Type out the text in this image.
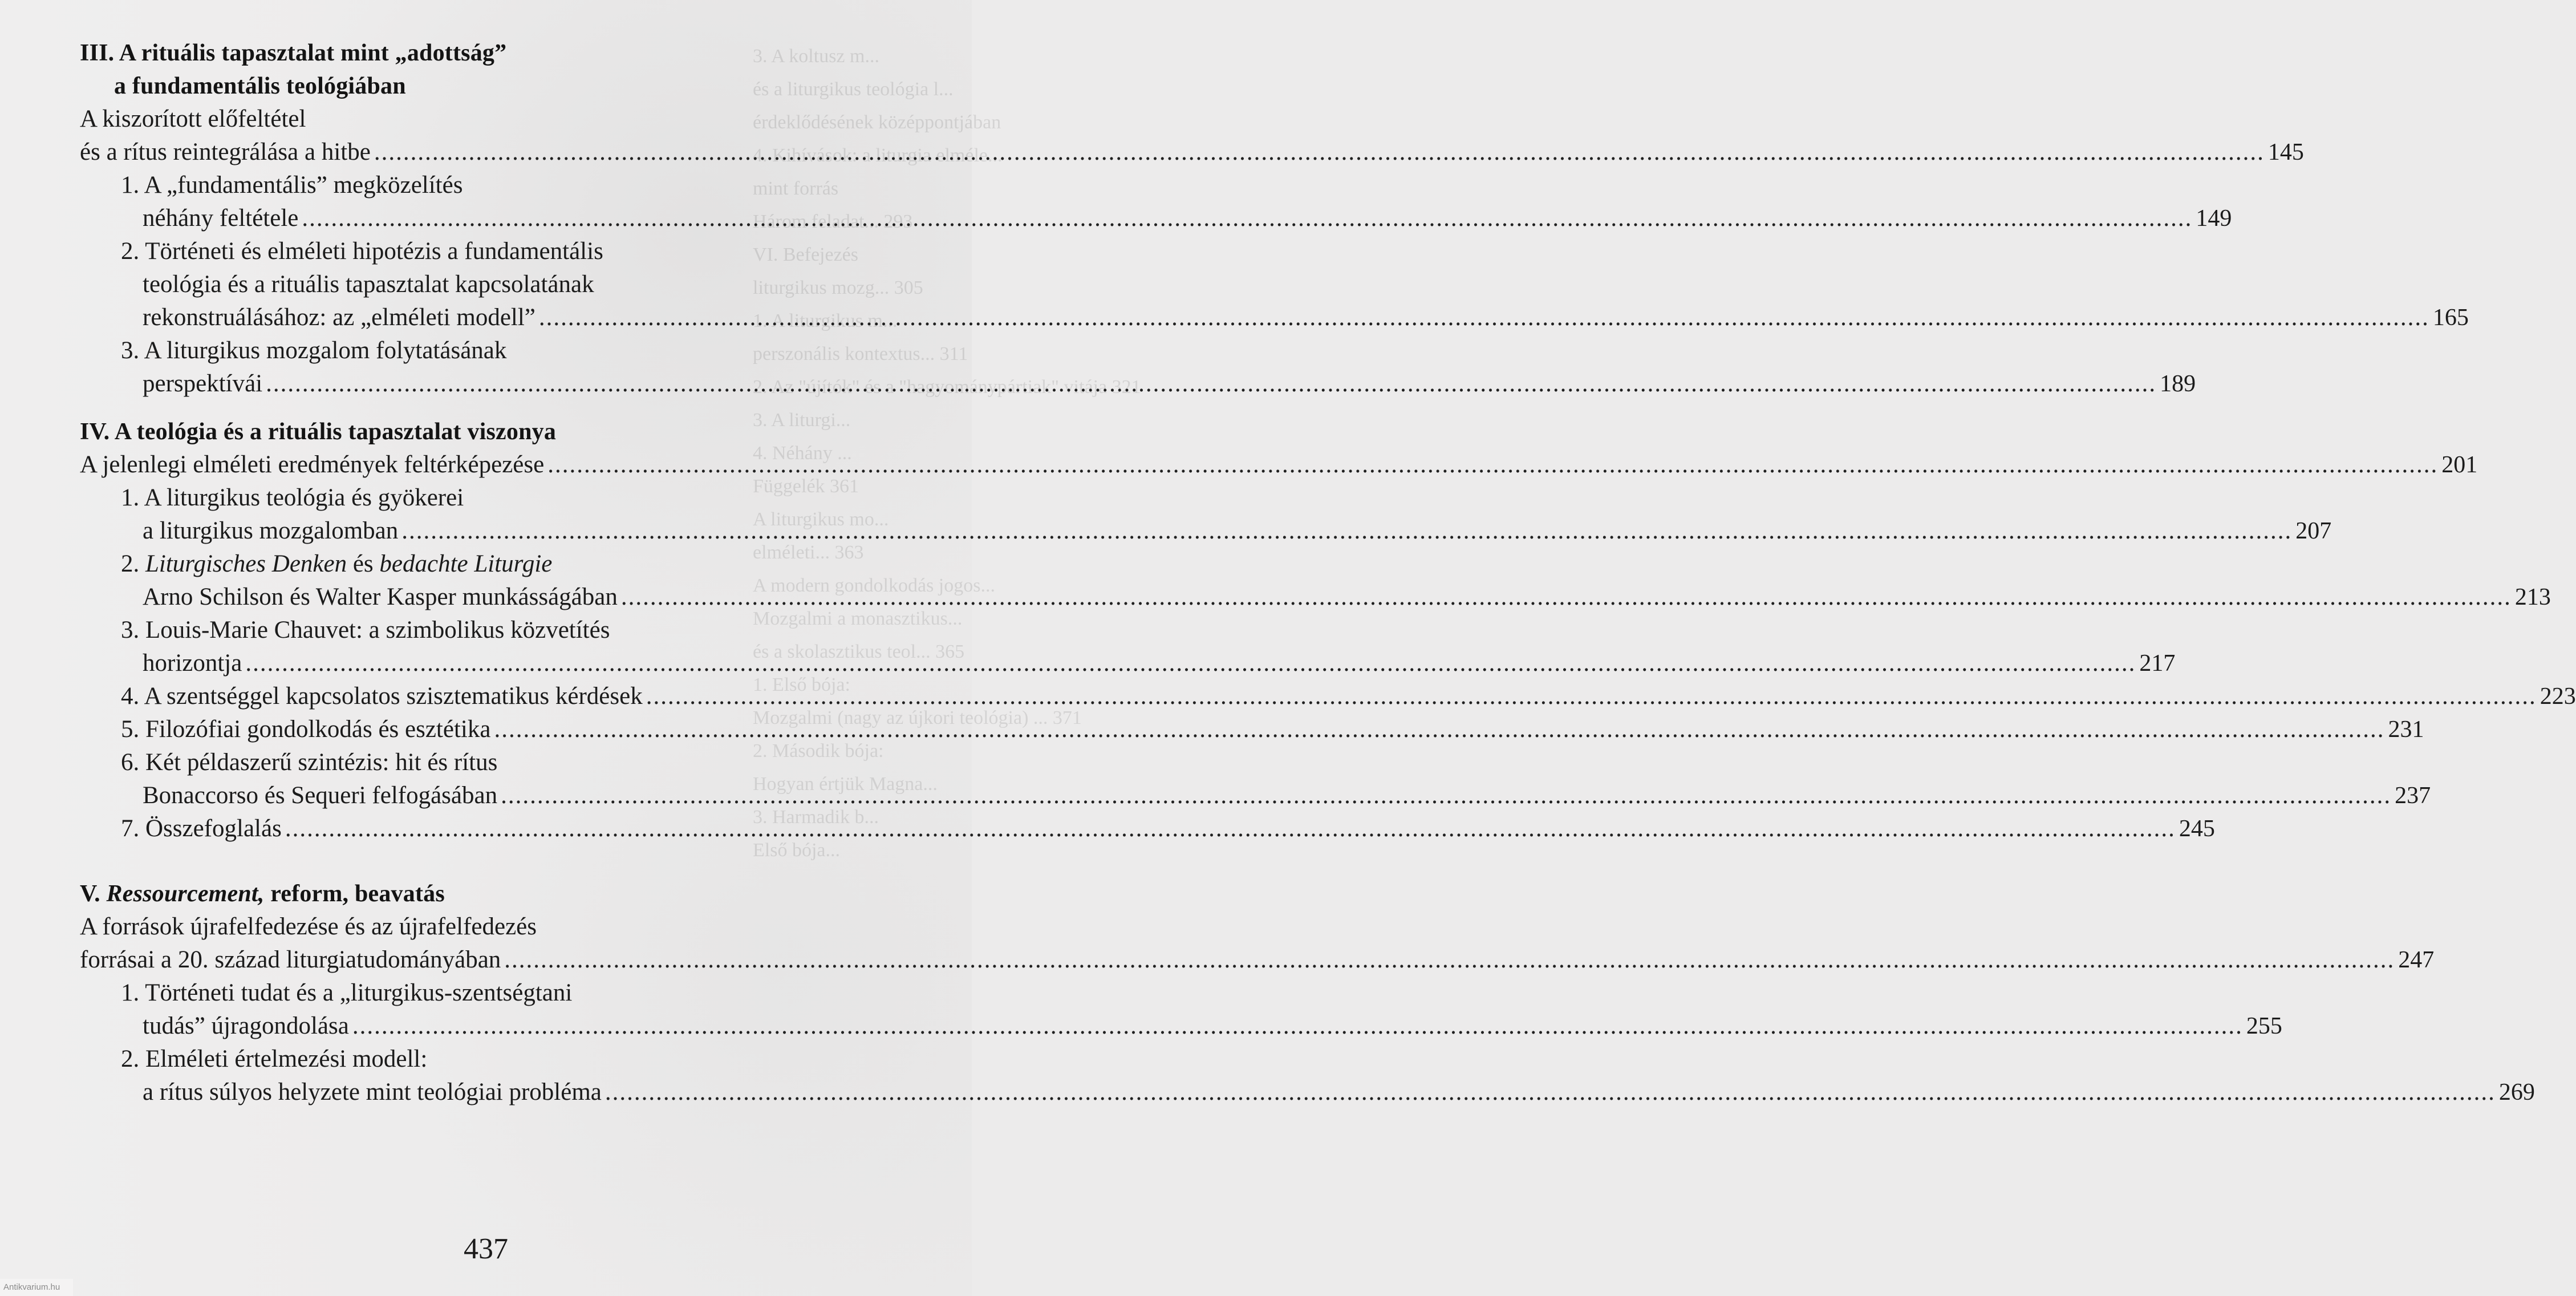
3. A koltusz m...
és a liturgikus teológia l...
érdeklődésének középpontjában
4. Kihívások: a liturgia elméle...
mint forrás
Három feladat... 293
VI. Befejezés
liturgikus mozg... 305
1. A liturgikus m...
perszonális kontextus... 311
2. Az "újítók" és a "hagyománypártiak" vitája 321
3. A liturgi...
4. Néhány ...
Függelék 361
A liturgikus mo...
elméleti... 363
A modern gondolkodás jogos...
Mozgalmi a monasztikus...
és a skolasztikus teol... 365
1. Első bója:
Mozgalmi (nagy az újkori teológia) ... 371
2. Második bója:
Hogyan értjük Magna...
3. Harmadik b...
Első bója...
III. A rituális tapasztalat mint „adottság”
a fundamentális teológiában
A kiszorított előfeltétel
és a rítus reintegrálása a hitbe .....	145
1. A „fundamentális” megközelítés
néhány feltétele .....	149
2. Történeti és elméleti hipotézis a fundamentális
teológia és a rituális tapasztalat kapcsolatának
rekonstruálásához: az „elméleti modell” .....	165
3. A liturgikus mozgalom folytatásának
perspektívái .....	189
IV. A teológia és a rituális tapasztalat viszonya
A jelenlegi elméleti eredmények feltérképezése .....	201
1. A liturgikus teológia és gyökerei
a liturgikus mozgalomban .....	207
2. Liturgisches Denken és bedachte Liturgie
Arno Schilson és Walter Kasper munkásságában .....	213
3. Louis-Marie Chauvet: a szimbolikus közvetítés
horizontja .....	217
4. A szentséggel kapcsolatos szisztematikus kérdések .....	223
5. Filozófiai gondolkodás és esztétika .....	231
6. Két példaszerű szintézis: hit és rítus
Bonaccorso és Sequeri felfogásában .....	237
7. Összefoglalás .....	245
V. Ressourcement, reform, beavatás
A források újrafelfedezése és az újrafelfedezés
forrásai a 20. század liturgiatudományában .....	247
1. Történeti tudat és a „liturgikus-szentségtani
tudás” újragondolása .....	255
2. Elméleti értelmezési modell:
a rítus súlyos helyzete mint teológiai probléma .....	269
437
Antikvarium.hu
